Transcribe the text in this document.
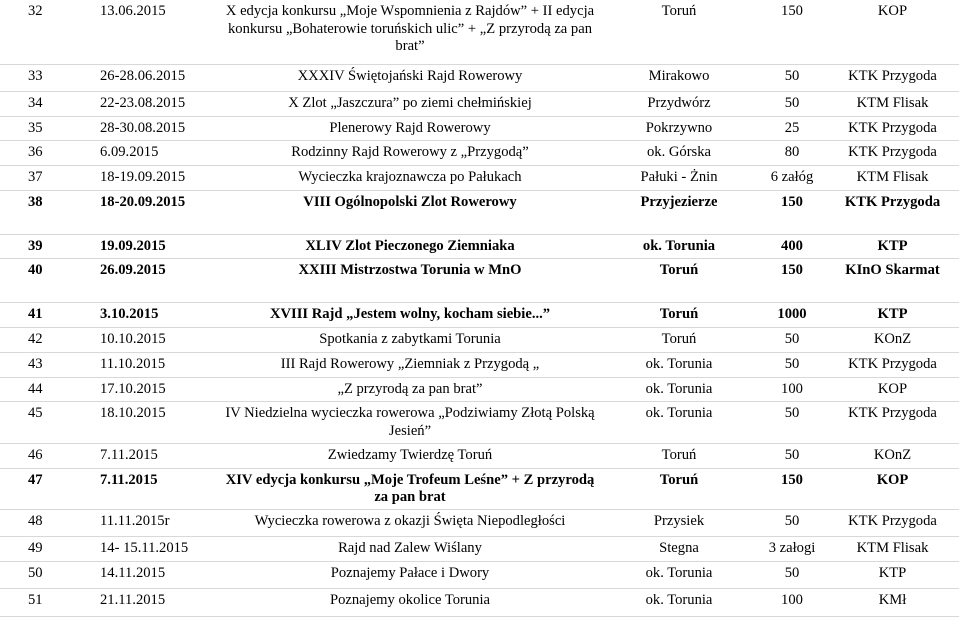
32	13.06.2015	X edycja konkursu „Moje Wspomnienia z Rajdów” + II edycja konkursu „Bohaterowie toruńskich ulic” + „Z przyrodą za pan brat”	Toruń	150	KOP
33	26-28.06.2015	XXXIV Świętojański Rajd Rowerowy	Mirakowo	50	KTK Przygoda
34	22-23.08.2015	X Zlot „Jaszczura” po ziemi chełmińskiej	Przydwórz	50	KTM Flisak
35	28-30.08.2015	Plenerowy Rajd Rowerowy	Pokrzywno	25	KTK Przygoda
36	6.09.2015	Rodzinny Rajd Rowerowy z „Przygodą”	ok. Górska	80	KTK Przygoda
37	18-19.09.2015	Wycieczka krajoznawcza po Pałukach	Pałuki - Żnin	6 załóg	KTM Flisak
38	18-20.09.2015	VIII Ogólnopolski Zlot Rowerowy	Przyjezierze	150	KTK Przygoda
39	19.09.2015	XLIV Zlot Pieczonego Ziemniaka	ok. Torunia	400	KTP
40	26.09.2015	XXIII Mistrzostwa Torunia w MnO	Toruń	150	KInO Skarmat
41	3.10.2015	XVIII Rajd „Jestem wolny, kocham siebie...”	Toruń	1000	KTP
42	10.10.2015	Spotkania z zabytkami Torunia	Toruń	50	KOnZ
43	11.10.2015	III Rajd Rowerowy „Ziemniak z Przygodą „	ok. Torunia	50	KTK Przygoda
44	17.10.2015	„Z przyrodą za pan brat”	ok. Torunia	100	KOP
45	18.10.2015	IV Niedzielna wycieczka rowerowa „Podziwiamy Złotą Polską Jesień”	ok. Torunia	50	KTK Przygoda
46	7.11.2015	Zwiedzamy Twierdzę Toruń	Toruń	50	KOnZ
47	7.11.2015	XIV edycja konkursu „Moje Trofeum Leśne” + Z przyrodą za pan brat	Toruń	150	KOP
48	11.11.2015r	Wycieczka rowerowa z okazji Święta Niepodległości	Przysiek	50	KTK Przygoda
49	14- 15.11.2015	Rajd nad Zalew Wiślany	Stegna	3 załogi	KTM Flisak
50	14.11.2015	Poznajemy Pałace i Dwory	ok. Torunia	50	KTP
51	21.11.2015	Poznajemy okolice Torunia	ok. Torunia	100	KMł
